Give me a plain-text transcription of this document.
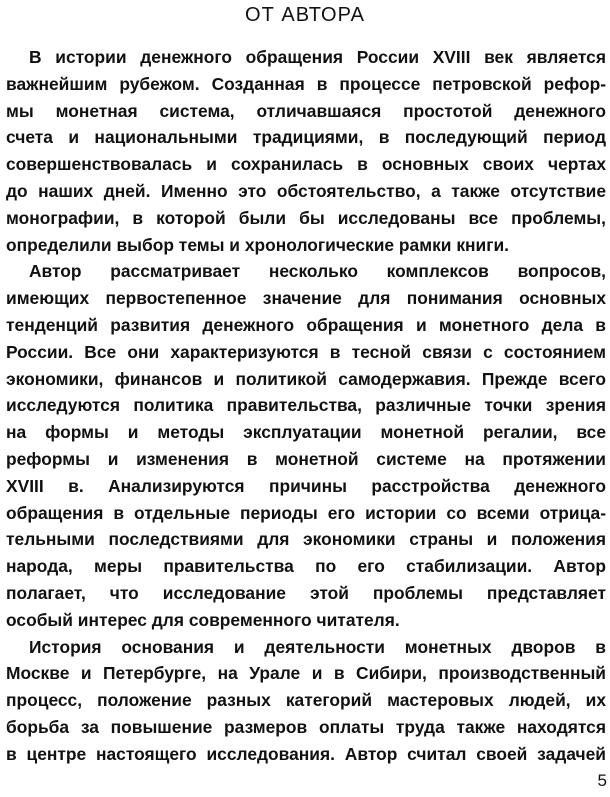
ОТ АВТОРА
В истории денежного обращения России XVIII век является
важнейшим рубежом. Созданная в процессе петровской рефор-
мы монетная система, отличавшаяся простотой денежного
счета и национальными традициями, в последующий период
совершенствовалась и сохранилась в основных своих чертах
до наших дней. Именно это обстоятельство, а также отсутствие
монографии, в которой были бы исследованы все проблемы,
определили выбор темы и хронологические рамки книги.
Автор рассматривает несколько комплексов вопросов,
имеющих первостепенное значение для понимания основных
тенденций развития денежного обращения и монетного дела в
России. Все они характеризуются в тесной связи с состоянием
экономики, финансов и политикой самодержавия. Прежде всего
исследуются политика правительства, различные точки зрения
на формы и методы эксплуатации монетной регалии, все
реформы и изменения в монетной системе на протяжении
XVIII в. Анализируются причины расстройства денежного
обращения в отдельные периоды его истории со всеми отрица-
тельными последствиями для экономики страны и положения
народа, меры правительства по его стабилизации. Автор
полагает, что исследование этой проблемы представляет
особый интерес для современного читателя.
История основания и деятельности монетных дворов в
Москве и Петербурге, на Урале и в Сибири, производственный
процесс, положение разных категорий мастеровых людей, их
борьба за повышение размеров оплаты труда также находятся
в центре настоящего исследования. Автор считал своей задачей
5
